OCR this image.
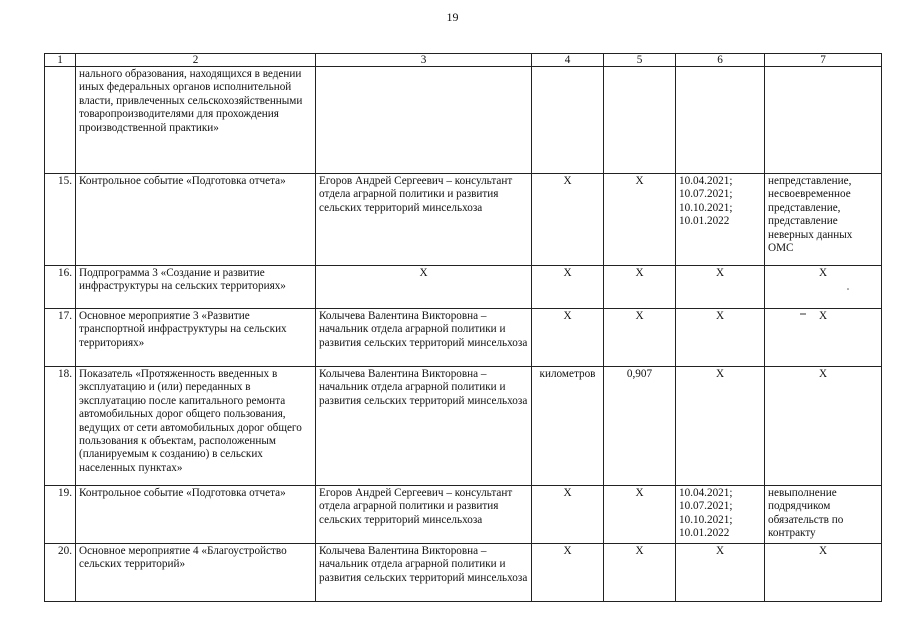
19
1	2	3	4	5	6	7
	нального образования, находящихся в ведении иных федеральных органов исполнительной власти, привлеченных сельскохозяйственными товаропроизводителями для прохождения производственной практики»					
15.	Контрольное событие «Подготовка отчета»	Егоров Андрей Сергеевич – консультант отдела аграрной политики и развития сельских территорий минсельхоза	X	X	10.04.2021; 10.07.2021; 10.10.2021; 10.01.2022	непредставление, несвоевременное представление, представление неверных данных ОМС
16.	Подпрограмма 3 «Создание и развитие инфраструктуры на сельских территориях»	X	X	X	X	X
17.	Основное мероприятие 3 «Развитие транспортной инфраструктуры на сельских территориях»	Колычева Валентина Викторовна – начальник отдела аграрной политики и развития сельских территорий минсельхоза	X	X	X	X
18.	Показатель «Протяженность введенных в эксплуатацию и (или) переданных в эксплуатацию после капитального ремонта автомобильных дорог общего пользования, ведущих от сети автомобильных дорог общего пользования к объектам, расположенным (планируемым к созданию) в сельских населенных пунктах»	Колычева Валентина Викторовна – начальник отдела аграрной политики и развития сельских территорий минсельхоза	километров	0,907	X	X
19.	Контрольное событие «Подготовка отчета»	Егоров Андрей Сергеевич – консультант отдела аграрной политики и развития сельских территорий минсельхоза	X	X	10.04.2021; 10.07.2021; 10.10.2021; 10.01.2022	невыполнение подрядчиком обязательств по контракту
20.	Основное мероприятие 4 «Благоустройство сельских территорий»	Колычева Валентина Викторовна – начальник отдела аграрной политики и развития сельских территорий минсельхоза	X	X	X	X
